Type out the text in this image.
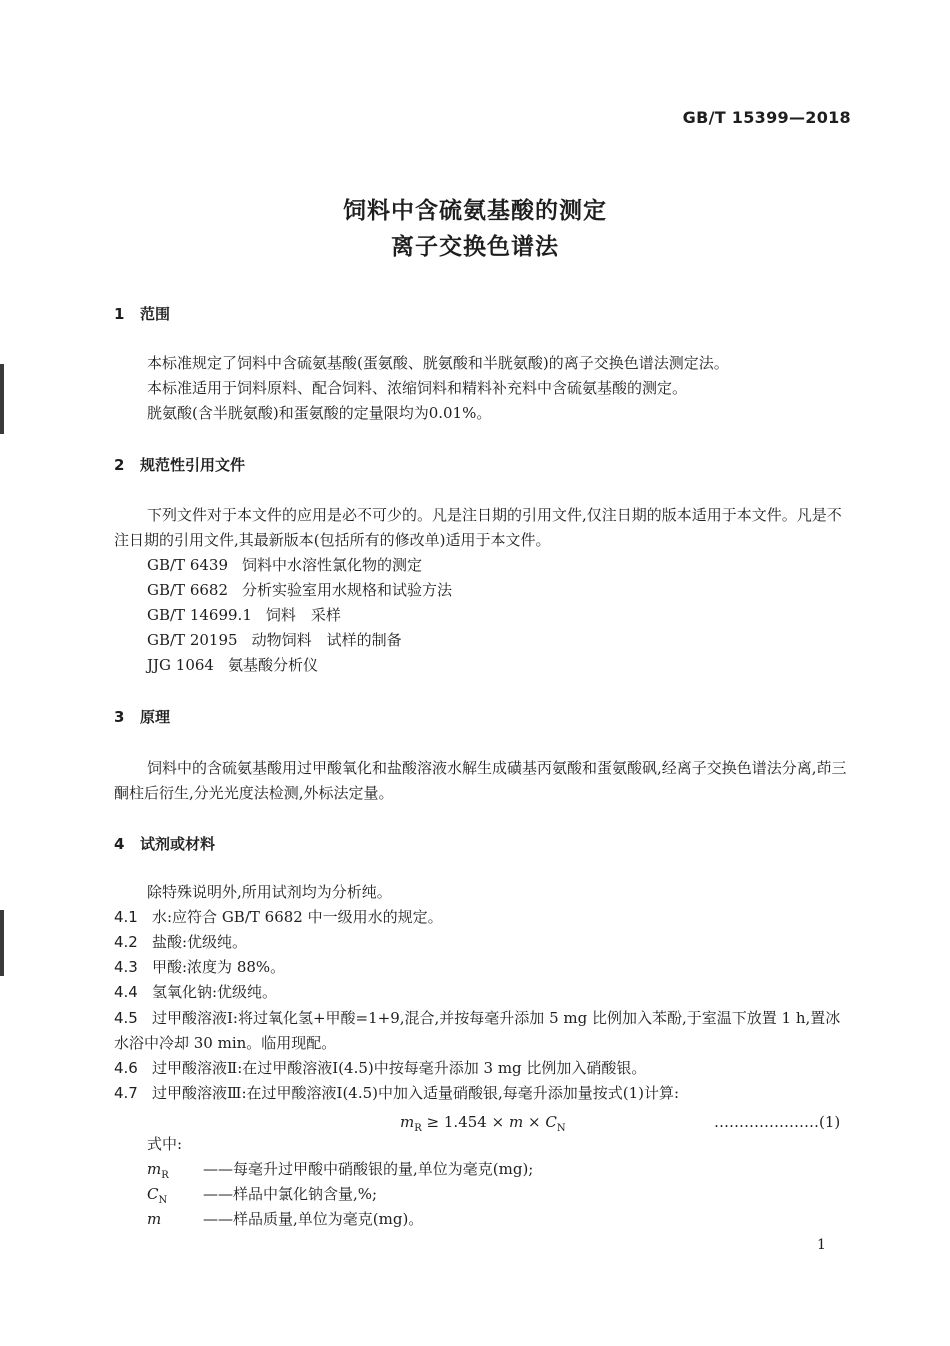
GB/T 15399—2018
饲料中含硫氨基酸的测定
离子交换色谱法
1 范围
本标准规定了饲料中含硫氨基酸(蛋氨酸、胱氨酸和半胱氨酸)的离子交换色谱法测定法。
本标准适用于饲料原料、配合饲料、浓缩饲料和精料补充料中含硫氨基酸的测定。
胱氨酸(含半胱氨酸)和蛋氨酸的定量限均为0.01%。
2 规范性引用文件
下列文件对于本文件的应用是必不可少的。凡是注日期的引用文件,仅注日期的版本适用于本文件。凡是不注日期的引用文件,其最新版本(包括所有的修改单)适用于本文件。
GB/T 6439 饲料中水溶性氯化物的测定
GB/T 6682 分析实验室用水规格和试验方法
GB/T 14699.1 饲料　采样
GB/T 20195 动物饲料　试样的制备
JJG 1064 氨基酸分析仪
3 原理
饲料中的含硫氨基酸用过甲酸氧化和盐酸溶液水解生成磺基丙氨酸和蛋氨酸砜,经离子交换色谱法分离,茚三酮柱后衍生,分光光度法检测,外标法定量。
4 试剂或材料
除特殊说明外,所用试剂均为分析纯。
4.1 水:应符合 GB/T 6682 中一级用水的规定。
4.2 盐酸:优级纯。
4.3 甲酸:浓度为 88%。
4.4 氢氧化钠:优级纯。
4.5 过甲酸溶液Ⅰ:将过氧化氢+甲酸=1+9,混合,并按每毫升添加 5 mg 比例加入苯酚,于室温下放置 1 h,置冰水浴中冷却 30 min。临用现配。
4.6 过甲酸溶液Ⅱ:在过甲酸溶液Ⅰ(4.5)中按每毫升添加 3 mg 比例加入硝酸银。
4.7 过甲酸溶液Ⅲ:在过甲酸溶液Ⅰ(4.5)中加入适量硝酸银,每毫升添加量按式(1)计算:
$m_R \ge 1.454 \times m \times C_N$	…………………(1)
式中:
$m_R$ ——每毫升过甲酸中硝酸银的量,单位为毫克(mg);
$C_N$ ——样品中氯化钠含量,%;
m	——样品质量,单位为毫克(mg)。
1
